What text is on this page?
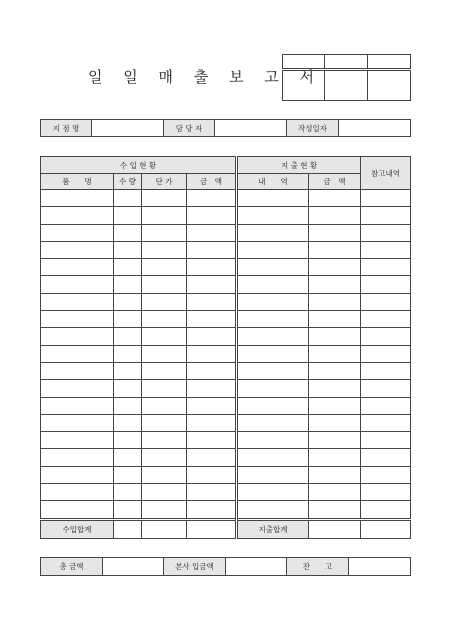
일 일 매 출 보 고 서

지 점 명		담 당 자		작성일자	
수 입 현 황				지 출 현 황		참고내역
품　　명	수 량	단 가	금　액	내　　역	금　액	

수입합계				지출합계		
총 금액		본사 입금액		잔　　고	
